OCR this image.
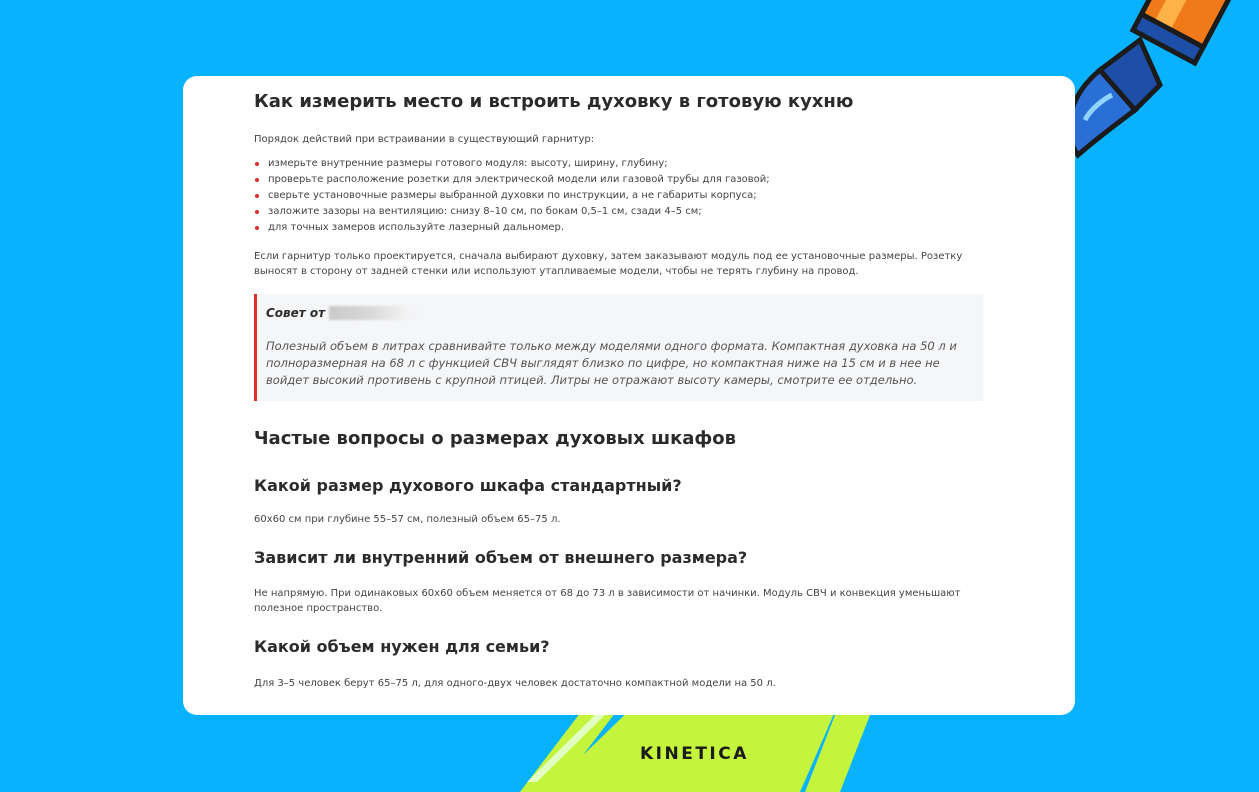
Как измерить место и встроить духовку в готовую кухню

Порядок действий при встраивании в существующий гарнитур:

измерьте внутренние размеры готового модуля: высоту, ширину, глубину;
проверьте расположение розетки для электрической модели или газовой трубы для газовой;
сверьте установочные размеры выбранной духовки по инструкции, а не габариты корпуса;
заложите зазоры на вентиляцию: снизу 8–10 см, по бокам 0,5–1 см, сзади 4–5 см;
для точных замеров используйте лазерный дальномер.

Если гарнитур только проектируется, сначала выбирают духовку, затем заказывают модуль под ее установочные размеры. Розетку выносят в сторону от задней стенки или используют утапливаемые модели, чтобы не терять глубину на провод.

Совет от
Полезный объем в литрах сравнивайте только между моделями одного формата. Компактная духовка на 50 л и полноразмерная на 68 л с функцией СВЧ выглядят близко по цифре, но компактная ниже на 15 см и в нее не войдет высокий противень с крупной птицей. Литры не отражают высоту камеры, смотрите ее отдельно.
Частые вопросы о размерах духовых шкафов
Какой размер духового шкафа стандартный?

60x60 см при глубине 55–57 см, полезный объем 65–75 л.

Зависит ли внутренний объем от внешнего размера?

Не напрямую. При одинаковых 60x60 объем меняется от 68 до 73 л в зависимости от начинки. Модуль СВЧ и конвекция уменьшают полезное пространство.

Какой объем нужен для семьи?

Для 3–5 человек берут 65–75 л, для одного-двух человек достаточно компактной модели на 50 л.

KINETICA
